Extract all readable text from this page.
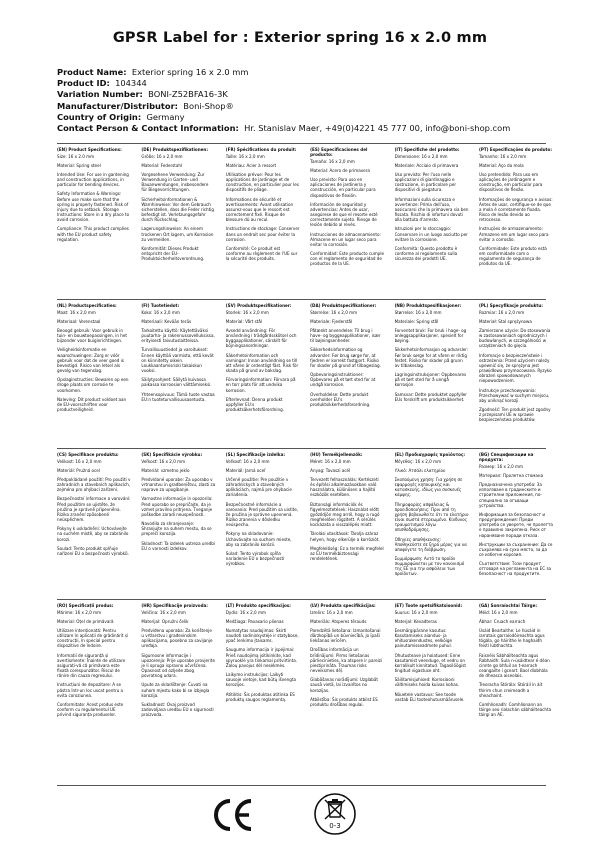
GPSR Label for : Exterior spring 16 x 2.0 mm
Product Name: Exterior spring 16 x 2.0 mm
Product ID: 104344
Variation Number: BONI-Z52BFA16-3K
Manufacturer/Distributor: Boni-Shop®
Country of Origin: Germany
Contact Person & Contact Information: Hr. Stanislav Maer, +49(0)4221 45 777 00, info@boni-shop.com
(EN) Product Specifications:

Size: 16 x 2.0 mm

Material: Spring steel

Intended Use: For use in gardening and construction applications, in particular for bending devices.

Safety Information & Warnings: Before use make sure that the spring is properly fastened. Risk of injury due to setback. Storage Instructions: Store in a dry place to avoid corrosion.

Compliance: This product complies with the EU product safety regulation.

(DE) Produktspezifikationen:

Größe: 16 x 2,0 mm

Material: Federstahl

Vorgesehene Verwendung: Zur Verwendung in Garten- und Bauanwendungen, insbesondere für Biegevorrichtungen.

Sicherheitsinformationen & Warnhinweise: Vor dem Gebrauch sicherstellen, dass die Feder richtig befestigt ist. Verletzungsgefahr durch Rückschlag.

Lagerungshinweise: An einem trockenen Ort lagern, um Korrosion zu vermeiden.

Konformität: Dieses Produkt entspricht der EU-Produktsicherheitsverordnung.

(FR) Spécifications du produit:

Taille: 16 x 2,0 mm

Matériau: Acier à ressort

Utilisation prévue: Pour les applications de jardinage et de construction, en particulier pour les dispositifs de pliage.

Informations de sécurité et avertissements: Avant utilisation assurez-vous que le ressort est correctement fixé. Risque de blessure dû au recul.

Instructions de stockage: Conserver dans un endroit sec pour éviter la corrosion.

Conformité: Ce produit est conforme au règlement de l'UE sur la sécurité des produits.

(ES) Especificaciones del producto:

Tamaño: 16 x 2,0 mm

Material: Acero de primavera

Uso previsto: Para uso en aplicaciones de jardinería y construcción, en particular para dispositivos de flexión.

Información de seguridad y advertencias: Antes de usar, asegúrese de que el resorte esté correctamente sujeto. Riesgo de lesión debido al revés.

Instrucciones de almacenamiento: Almacene en un lugar seco para evitar la corrosión.

Conformidad: Este producto cumple con el reglamento de seguridad de productos de la UE.

(IT) Specifiche del prodotto:

Dimensione: 16 x 2,0 mm

Materiale: Acciaio di primavera

Uso previsto: Per l'uso nelle applicazioni di giardinaggio e costruzione, in particolare per dispositivi di piegatura.

Informazioni sulla sicurezza e avvertenze: Prima dell'uso, assicurarsi che la primavera sia ben fissata. Rischio di infortuni dovuti alla battuta d'arresto.

Istruzioni per lo stoccaggio: Conservare in un luogo asciutto per evitare la corrosione.

Conformità: Questo prodotto è conforme al regolamento sulla sicurezza dei prodotti UE.

(PT) Especificações do produto:

Tamanho: 16 x 2,0 mm

Material: Aço da mola

Uso pretendido: Para uso em aplicações de jardinagem e construção, em particular para dispositivos de flexão.

Informações de segurança e avisos: Antes de usar, certifique-se de que a mola é corretamente fixada. Risco de lesão devido ao retrocesso.

Instruções de armazenamento: Armazene em um lugar seco para evitar a corrosão.

Conformidade: Este produto está em conformidade com o regulamento de segurança de produtos da UE.

(NL) Productspecificaties:

Maat: 16 x 2,0 mm

Materiaal: Verenstaal

Beoogd gebruik: Voor gebruik in tuin- en bouwtoepassingen, in het bijzonder voor buiginrichtingen.

Veiligheidsinformatie en waarschuwingen: Zorg er vóór gebruik voor dat de veer goed is bevestigd. Risico van letsel als gevolg van tegenslag.

Opslaginstructies: Bewaren op een droge plaats om corrosie te voorkomen.

Naleving: Dit product voldoet aan de EU-voorschriften voor productveiligheid.

(FI) Tuotetiedot:

Koko: 16 x 2,0 mm

Materiaali: Kevään teräs

Tarkoitettu käyttö: Käytettäväksi puutarha- ja rakennussovelluksissa, erityisesti taivutuslaitteissa.

Turvallisuustiedot ja varoitukset: Ennen käyttöä varmista, että kevät on kiinnitetty oikein. Loukkaantumisriski takaiskun vuoksi.

Säilytysohjeet: Säilytä kuivassa paikassa korroosion välttämiseksi.

Yhteensopivuus: Tämä tuote vastaa EU:n tuoteturvallisuusasetusta.

(SV) Produktspecifikationer:

Storlek: 16 x 2,0 mm

Material: Vårt stål

Avsedd användning: För användning i trädgårdsskötsel och byggapplikationer, särskilt för böjningsanordningar.

Säkerhetsinformation och varningar: Innan användning se till att våren är ordentligt fäst. Risk för skada på grund av bakslag.

Förvaringsinformation: Förvara på en torr plats för att undvika korrosion.

Efterlevnad: Denna produkt uppfyller EU:s produktsäkerhetsförordning.

(DA) Produktspecifikationer:

Størrelse: 16 x 2,0 mm

Materiale: Fjederstål

Påtænkt anvendelse: Til brug i have- og byggeapplikationer, især til bøjningsenheder.

Sikkerhedsinformation og advarsler: Før brug sørge for, at fjedren er korrekt fastgjort. Risiko for skader på grund af tilbageslag.

Opbevaringsinstruktioner: Opbevares på et tørt sted for at undgå korrosion.

Overholdelse: Dette produkt overholder EU's produktsikkerhedsforordning.

(NB) Produktspesifikasjoner:

Størrelse: 16 x 2,0 mm

Materiale: Spring stål

Forventet bruk: For bruk i hage- og anleggsapplikasjoner, spesielt for bøying.

Sikkerhetsinformasjon og advarsler: Før bruk sørge for at våren er riktig festet. Risiko for skader på grunn av tilbakeslag.

Lagringsinstruksjoner: Oppbevares på et tørt sted for å unngå korrosjon.

Samsvar: Dette produktet oppfyller EUs forskrift om produktsikkerhet.

(PL) Specyfikacje produktu:

Rozmiar: 16 x 2,0 mm

Materiał: Stal sprężynowa

Zamierzone użycie: Do stosowania w zastosowaniach ogrodniczych i budowlanych, w szczególności w urządzeniach do gięcia.

Informacje o bezpieczeństwie i ostrzeżenia: Przed użyciem należy upewnić się, że sprężyna jest prawidłowo przymocowana. Ryzyko obrażeń spowodowanych niepowodzeniem.

Instrukcje przechowywania: Przechowywać w suchym miejscu, aby uniknąć korozji.

Zgodność: Ten produkt jest zgodny z przepisami UE w sprawie bezpieczeństwa produktów.

(CS) Specifikace produktu:

Velikost: 16 x 2,0 mm

Materiál: Pružná ocel

Předpokládané použití: Pro použití v zahradních a stavebních aplikacích, zejména pro ohýbací zařízení.

Bezpečnostní informace a varování: Před použitím se ujistěte, že pružina je správně připevněna. Riziko zranění způsobené neúspěchem.

Pokyny k uskladnění: Uchovávejte na suchém místě, aby se zabránilo korozi.

Soulad: Tento produkt splňuje nařízení EU o bezpečnosti výrobků.

(SK) Špecifikácie výrobku:

Veľkosť: 16 x 2,0 mm

Materiál: vzmetno jeklo

Predvídané uporabe: Za uporabo v vrtnarstvu in gradbeništvu, zlasti za naprave za upogibanje.

Varnostne informacije in opozorila: Pred uporabo se prepričajte, da je vzmet pravilno pritrjena. Tveganje poškodbe zaradi neuspešnosti.

Navodila za shranjevanje: Shranjujte na suhem mestu, da se preprečí korozija.

Skladnosť: Ta izdelek ustreza uredbi EU o varnosti izdelkov.

(SL) Specifikacije izdelka:

Veľkosť: 16 x 2,0 mm

Materiál: Jarná oceľ

Určené použitie: Pre použitie v záhradníckych a stavebných aplikáciách, najmä pre ohýbacie zariadenia.

Bezpečnostné informácie a varovania: Pred použitím sa uistite, že pružina je správne upevnená. Riziko zranenia v dôsledku neúspechu.

Pokyny na skladovanie: Uchovávajte na suchom mieste, aby sa zabránilo korózii.

Súlad: Tento výrobok spĺňa nariadenie EÚ o bezpečnosti výrobkov.

(HU) Termékjellemzők:

Méret: 16 x 2,0 mm

Anyag: Tavaszi acél

Tervezett felhasználás: Kertészeti és építési alkalmazásokban való használatra, különösen a hajlító eszközök esetében.

Biztonsági információk és figyelmeztetések: Használat előtt győződjön meg arról, hogy a rugó megfelelően rögzített. A sérülés kockázata a visszalépés miatt.

Tárolási utasítások: Tárolja száraz helyen, hogy elkerülje a korróziót.

Megfelelőség: Ez a termék megfelel az EU termékbiztonsági rendeletének.

(EL) Προδιαγραφές προϊόντος:

Μέγεθος: 16 x 2,0 mm

Υλικό: Ατσάλι ελατηρίου

Σκοπούμενη χρήση: Για χρήση σε εφαρμογές κηπουρικής και κατασκευής, ιδίως για συσκευές κάμψης.

Πληροφορίες ασφάλειας & προειδοποιήσεις: Πριν από τη χρήση βεβαιωθείτε ότι το ελατήριο είναι σωστά στερεωμένο. Κίνδυνος τραυματισμού λόγω οπισθοδρόμησης.

Οδηγίες αποθήκευσης: Αποθηκεύστε σε ξηρό μέρος για να αποφύγετε τη διάβρωση.

Συμμόρφωση: Αυτό το προϊόν συμμορφώνεται με τον κανονισμό της ΕΕ για την ασφάλεια των προϊόντων.

(BG) Спецификации на продукта:

Размер: 16 x 2,0 mm

Материал: Пролетна стомана

Предназначена употреба: За използване в градинските и строителни приложения, по-специално за огъващи устройства.

Информация за безопасност и предупреждения: Преди употреба се уверете, че пролетта е правилно закрепена. Риск от нараняване поради отказа.

Инструкции за съхранение: Да се съхранява на сухо място, за да се избегне корозия.

Съответствие: Този продукт отговаря на регламента на ЕС за безопасност на продуктите.

(RO) Specificații produs:

Mărime: 16 x 2,0 mm

Material: Oțel de primăvară

Utilizare intenționată: Pentru utilizare în aplicații de grădinărit și construcții, în special pentru dispozitive de îndoire.

Informații de siguranță și avertismente: Înainte de utilizare asigurați-vă că primăvara este fixată corespunzător. Riscul de rănire din cauza regresului.

Instrucțiuni de depozitare: A se păstra într-un loc uscat pentru a evita coroziunea.

Conformitate: Acest produs este conform cu regulamentul UE privind siguranța produselor.

(HR) Specifikacije proizvoda:

Veličina: 16 x 2,0 mm

Materijal: Opružni čelik

Predviđena uporaba: Za korištenje u vrtlarstvu i građevinskim aplikacijama, posebno za savijanje uređaja.

Sigurnosne informacije i upozorenja: Prije uporabe provjerite je li opruga ispravno učvršćena. Opasnost od ozljede zbog povratnog udara.

Upute za skladištenje: Čuvati na suhom mjestu kako bi se izbjegla korozija.

Sukladnost: Ovaj proizvod zadovoljava uredbu EU o sigurnosti proizvoda.

(LT) Produkto specifikacijos:

Dydis: 16 x 2,0 mm

Medžiaga: Pavasario plienas

Numatytas naudojimas: Skirti naudoti sodininkystėje ir statybose, ypač lenkimo įtaisams.

Saugumo informacija ir įspėjimai: Prieš naudojimą įsitikinkite, kad spyruoklė yra tinkamai pritvirtinta. Žaloų pavojus dėl nesėkmės.

Laikymo instrukcijos: Laikyti sausoje vietoje, kad būtų išvengta korozijos.

Atitiktis: Šis produktas atitinka ES produktų saugos reglamentą.

(LV) Produkta specifikācijas:

Izmērs: 16 x 2,0 mm

Materiāls: Atsperes tērauds

Paredzētā lietošana: Izmantošanai dārzkopībā un būvniecībā, jo īpaši liekšanas ierīcēm.

Drošības informācija un brīdinājumi: Pirms lietošanas pārliecinieties, ka atspere ir pareizi piestiprināta. Traumas risks neveiksmes dēļ.

Glabāšanas norādījumi: Uzglabāt sausā vietā, lai izvairītos no korozijas.

Atbilstība: Šis produkts atbilst ES produktu drošības regulai.

(ET) Toote spetsifikatsioonid:

Suurus: 16 x 2,0 mm

Materjal: Kevadteras

Eesmärgipärane kasutus: Kasutamiseks aiandus- ja ehitusrakendustes, eelkõige painutamisseadmete puhul.

Ohutusteave ja hoiatused: Enne kasutamist veenduge, et vedru on korralikult kinnitatud. Tagasilöögist tingitud vigastuse oht.

Säilitamisjuhised: Korrosiooni vältimiseks hoida kuivas kohas.

Nõuetele vastavus: See toode vastab ELi tooteohutusmäärusele.

(GA) Sonraíochtaí Táirge:

Méid: 16 x 2,0 mm

Ábhar: Cruach earrach

Úsáid Beartaithe: Le húsáid in iarratais garraíodóireachta agus tógála, go háirithe le haghaidh feistí lúbthachta.

Faisnéis Sábháilteachta agus Rabhaidh: Sula n-úsáidtear é déan cinnte go bhfuil an t-earrach ceangailte i gceart. Baol díobhála de dheasca aiseolais.

Treoracha Stórála: Stóráil in áit thirim chun creimeadh a sheachaint.

Comhlíonadh: Comhlíonann an táirge seo rialachán sábháilteachta táirgí an AE.

0-3
